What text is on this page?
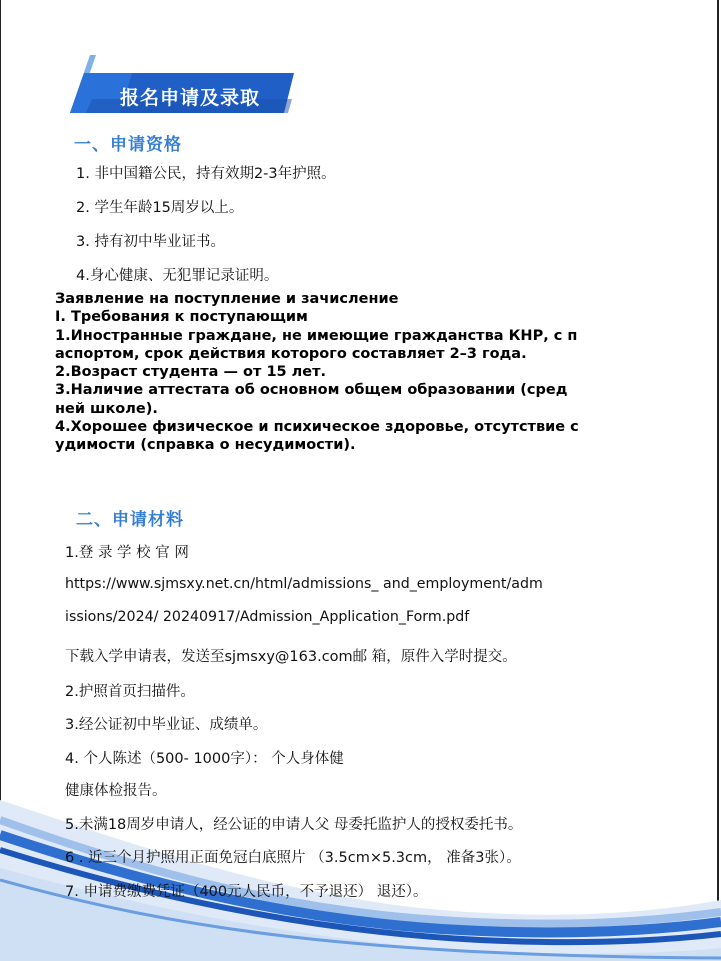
报名申请及录取
一、申请资格
1. 非中国籍公民，持有效期2-3年护照。
2. 学生年龄15周岁以上。
3. 持有初中毕业证书。
4.身心健康、无犯罪记录证明。
Заявление на поступление и зачисление
I. Требования к поступающим
1.Иностранные граждане, не имеющие гражданства КНР, с п
аспортом, срок действия которого составляет 2–3 года.
2.Возраст студента — от 15 лет.
3.Наличие аттестата об основном общем образовании (сред
ней школе).
4.Хорошее физическое и психическое здоровье, отсутствие с
удимости (справка о несудимости).
二、申请材料
1.登 录 学 校 官 网
https://www.sjmsxy.net.cn/html/admissions_ and_employment/adm
issions/2024/ 20240917/Admission_Application_Form.pdf
下载入学申请表，发送至sjmsxy@163.com邮 箱，原件入学时提交。
2.护照首页扫描件。
3.经公证初中毕业证、成绩单。
4. 个人陈述（500- 1000字）： 个人身体健
健康体检报告。
5.未满18周岁申请人，经公证的申请人父 母委托监护人的授权委托书。
6 . 近三个月护照用正面免冠白底照片 （3.5cm×5.3cm， 准备3张）。
7. 申请费缴费凭证（400元人民币，不予退还） 退还）。
